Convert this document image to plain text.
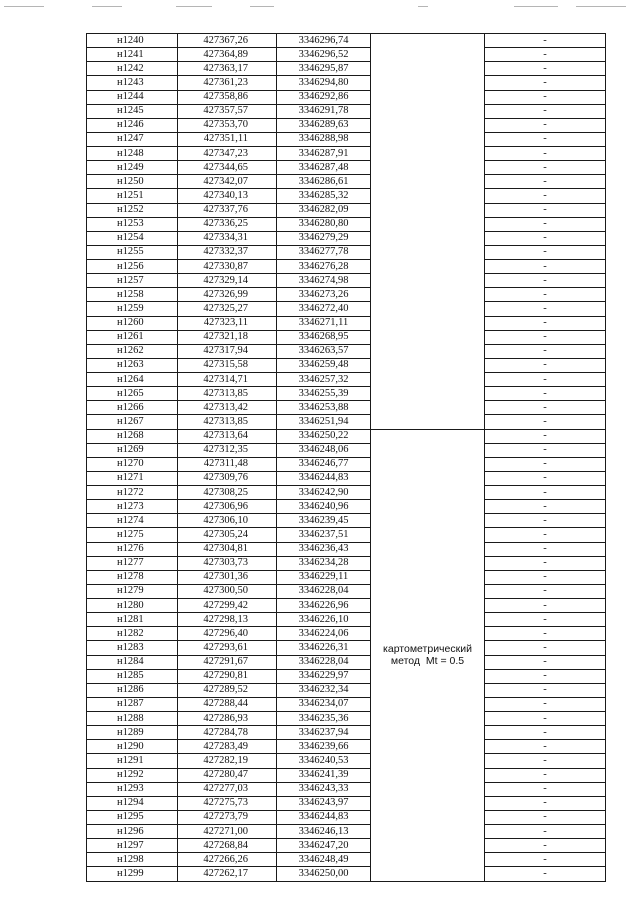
н1240	427367,26	3346296,74		-
н1241	427364,89	3346296,52		-
н1242	427363,17	3346295,87		-
н1243	427361,23	3346294,80		-
н1244	427358,86	3346292,86		-
н1245	427357,57	3346291,78		-
н1246	427353,70	3346289,63		-
н1247	427351,11	3346288,98		-
н1248	427347,23	3346287,91		-
н1249	427344,65	3346287,48		-
н1250	427342,07	3346286,61		-
н1251	427340,13	3346285,32		-
н1252	427337,76	3346282,09		-
н1253	427336,25	3346280,80		-
н1254	427334,31	3346279,29		-
н1255	427332,37	3346277,78		-
н1256	427330,87	3346276,28		-
н1257	427329,14	3346274,98		-
н1258	427326,99	3346273,26		-
н1259	427325,27	3346272,40		-
н1260	427323,11	3346271,11		-
н1261	427321,18	3346268,95		-
н1262	427317,94	3346263,57		-
н1263	427315,58	3346259,48		-
н1264	427314,71	3346257,32		-
н1265	427313,85	3346255,39		-
н1266	427313,42	3346253,88		-
н1267	427313,85	3346251,94		-
н1268	427313,64	3346250,22	картометрический
метод  Mt = 0.5	-
н1269	427312,35	3346248,06		-
н1270	427311,48	3346246,77		-
н1271	427309,76	3346244,83		-
н1272	427308,25	3346242,90		-
н1273	427306,96	3346240,96		-
н1274	427306,10	3346239,45		-
н1275	427305,24	3346237,51		-
н1276	427304,81	3346236,43		-
н1277	427303,73	3346234,28		-
н1278	427301,36	3346229,11		-
н1279	427300,50	3346228,04		-
н1280	427299,42	3346226,96		-
н1281	427298,13	3346226,10		-
н1282	427296,40	3346224,06		-
н1283	427293,61	3346226,31		-
н1284	427291,67	3346228,04		-
н1285	427290,81	3346229,97		-
н1286	427289,52	3346232,34		-
н1287	427288,44	3346234,07		-
н1288	427286,93	3346235,36		-
н1289	427284,78	3346237,94		-
н1290	427283,49	3346239,66		-
н1291	427282,19	3346240,53		-
н1292	427280,47	3346241,39		-
н1293	427277,03	3346243,33		-
н1294	427275,73	3346243,97		-
н1295	427273,79	3346244,83		-
н1296	427271,00	3346246,13		-
н1297	427268,84	3346247,20		-
н1298	427266,26	3346248,49		-
н1299	427262,17	3346250,00		-
